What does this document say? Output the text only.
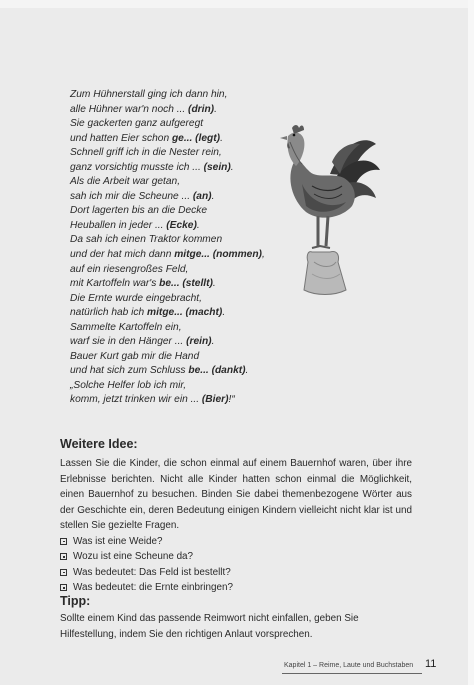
Zum Hühnerstall ging ich dann hin,
alle Hühner war'n noch ... (drin).
Sie gackerten ganz aufgeregt
und hatten Eier schon ge... (legt).
Schnell griff ich in die Nester rein,
ganz vorsichtig musste ich ... (sein).
Als die Arbeit war getan,
sah ich mir die Scheune ... (an).
Dort lagerten bis an die Decke
Heuballen in jeder ... (Ecke).
Da sah ich einen Traktor kommen
und der hat mich dann mitge... (nommen),
auf ein riesengroßes Feld,
mit Kartoffeln war's be... (stellt).
Die Ernte wurde eingebracht,
natürlich hab ich mitge... (macht).
Sammelte Kartoffeln ein,
warf sie in den Hänger ... (rein).
Bauer Kurt gab mir die Hand
und hat sich zum Schluss be... (dankt).
„Solche Helfer lob ich mir,
komm, jetzt trinken wir ein ... (Bier)!“
Weitere Idee:

Lassen Sie die Kinder, die schon einmal auf einem Bauernhof waren, über ihre Erlebnisse berichten. Nicht alle Kinder hatten schon einmal die Möglichkeit, einen Bauernhof zu besuchen. Binden Sie dabei themenbezogene Wörter aus der Geschichte ein, deren Bedeutung einigen Kindern vielleicht nicht klar ist und stellen Sie gezielte Fragen.

Was ist eine Weide?
Wozu ist eine Scheune da?
Was bedeutet: Das Feld ist bestellt?
Was bedeutet: die Ernte einbringen?
Tipp:
Sollte einem Kind das passende Reimwort nicht einfallen, geben Sie Hilfestellung, indem Sie den richtigen Anlaut vorsprechen.
Kapitel 1 – Reime, Laute und Buchstaben 11
